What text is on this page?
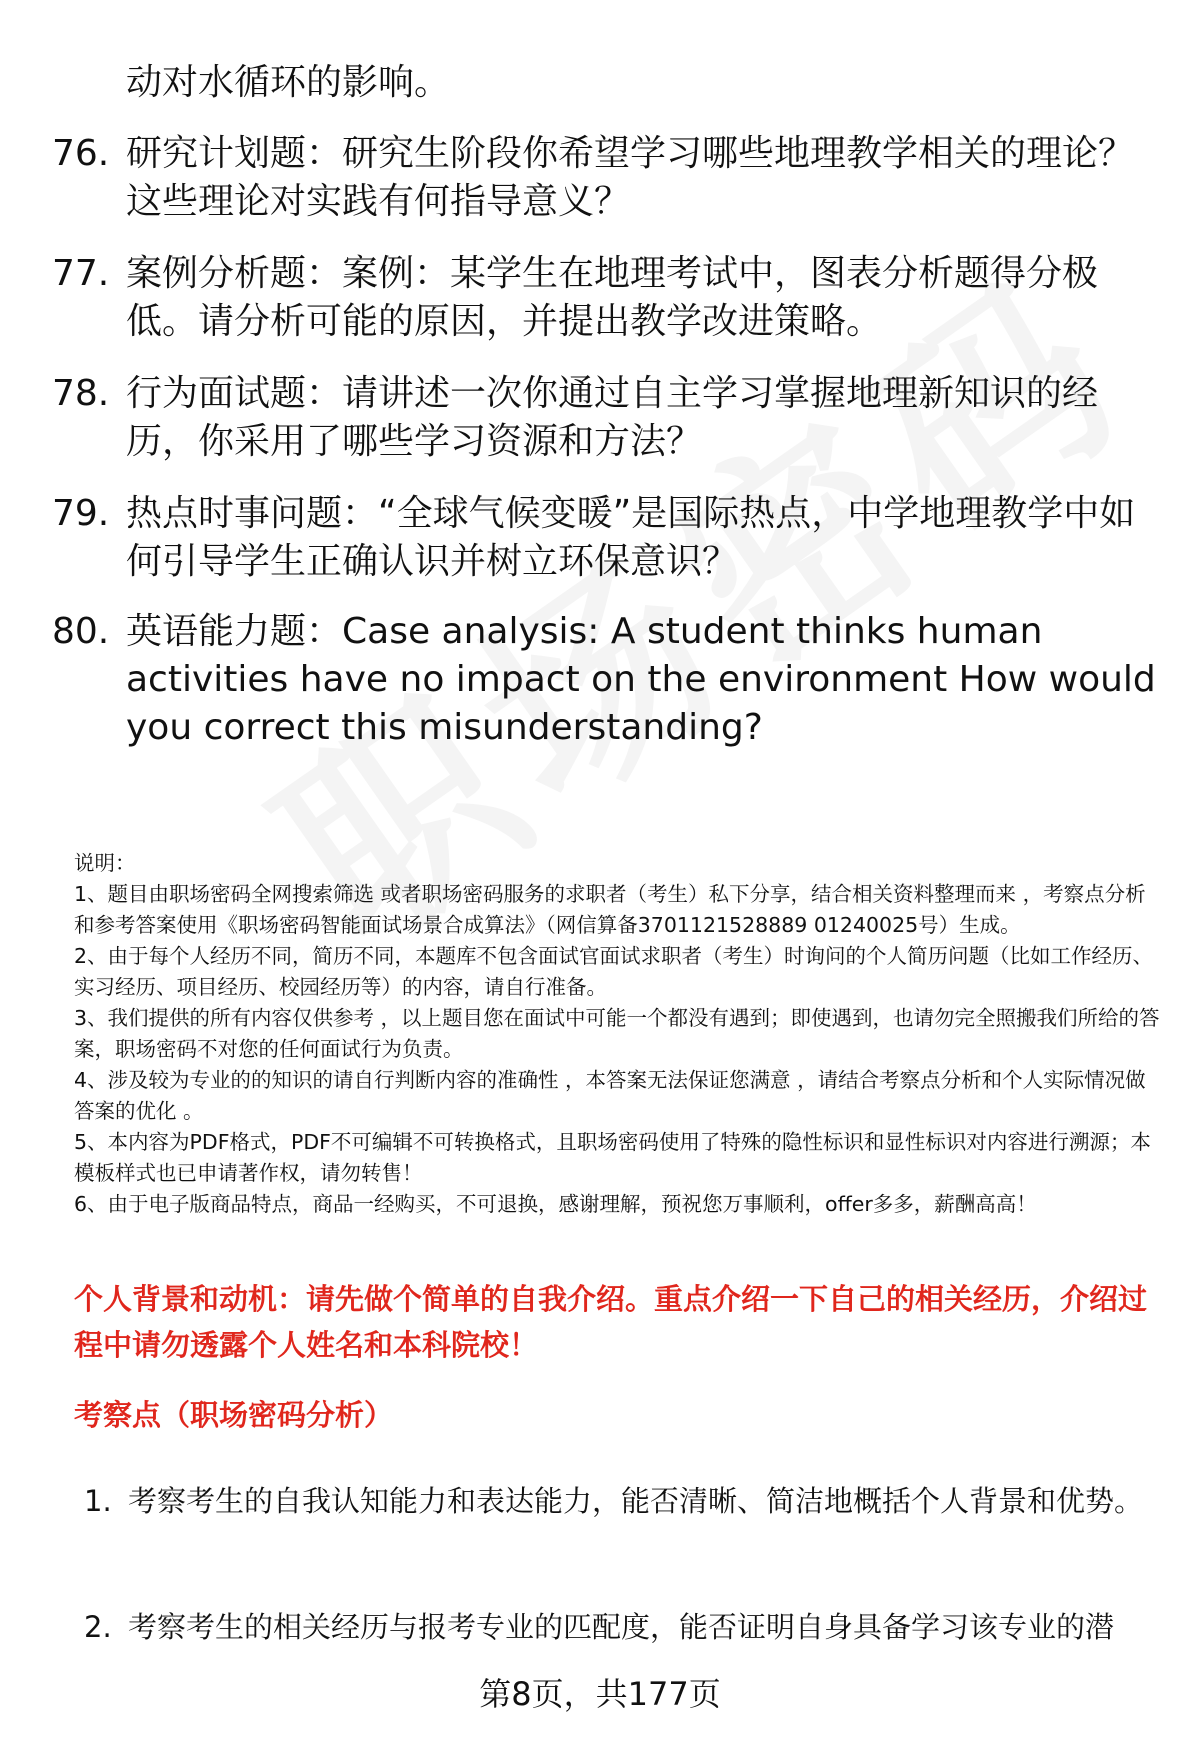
动对水循环的影响。
76. 研究计划题：研究生阶段你希望学习哪些地理教学相关的理论？这些理论对实践有何指导意义？
77. 案例分析题：案例：某学生在地理考试中，图表分析题得分极低。请分析可能的原因，并提出教学改进策略。
78. 行为面试题：请讲述一次你通过自主学习掌握地理新知识的经历，你采用了哪些学习资源和方法？
79. 热点时事问题：“全球气候变暖”是国际热点，中学地理教学中如何引导学生正确认识并树立环保意识？
80. 英语能力题：Case analysis: A student thinks human activities have no impact on the environment How would you correct this misunderstanding?

说明：

1、题目由职场密码全网搜索筛选 或者职场密码服务的求职者（考生）私下分享，结合相关资料整理而来 ，考察点分析和参考答案使用《职场密码智能面试场景合成算法》（网信算备3701121528889 01240025号）生成。

2、由于每个人经历不同，简历不同，本题库不包含面试官面试求职者（考生）时询问的个人简历问题（比如工作经历、实习经历、项目经历、校园经历等）的内容，请自行准备。

3、我们提供的所有内容仅供参考 ，以上题目您在面试中可能一个都没有遇到；即使遇到，也请勿完全照搬我们所给的答案，职场密码不对您的任何面试行为负责。

4、涉及较为专业的的知识的请自行判断内容的准确性 ，本答案无法保证您满意 ，请结合考察点分析和个人实际情况做答案的优化 。

5、本内容为PDF格式，PDF不可编辑不可转换格式，且职场密码使用了特殊的隐性标识和显性标识对内容进行溯源；本模板样式也已申请著作权，请勿转售！

6、由于电子版商品特点，商品一经购买，不可退换，感谢理解，预祝您万事顺利，offer多多，薪酬高高！

个人背景和动机：请先做个简单的自我介绍。重点介绍一下自己的相关经历，介绍过程中请勿透露个人姓名和本科院校！
考察点（职场密码分析）
1. 考察考生的自我认知能力和表达能力，能否清晰、简洁地概括个人背景和优势。
2. 考察考生的相关经历与报考专业的匹配度，能否证明自身具备学习该专业的潜
第8页，共177页
